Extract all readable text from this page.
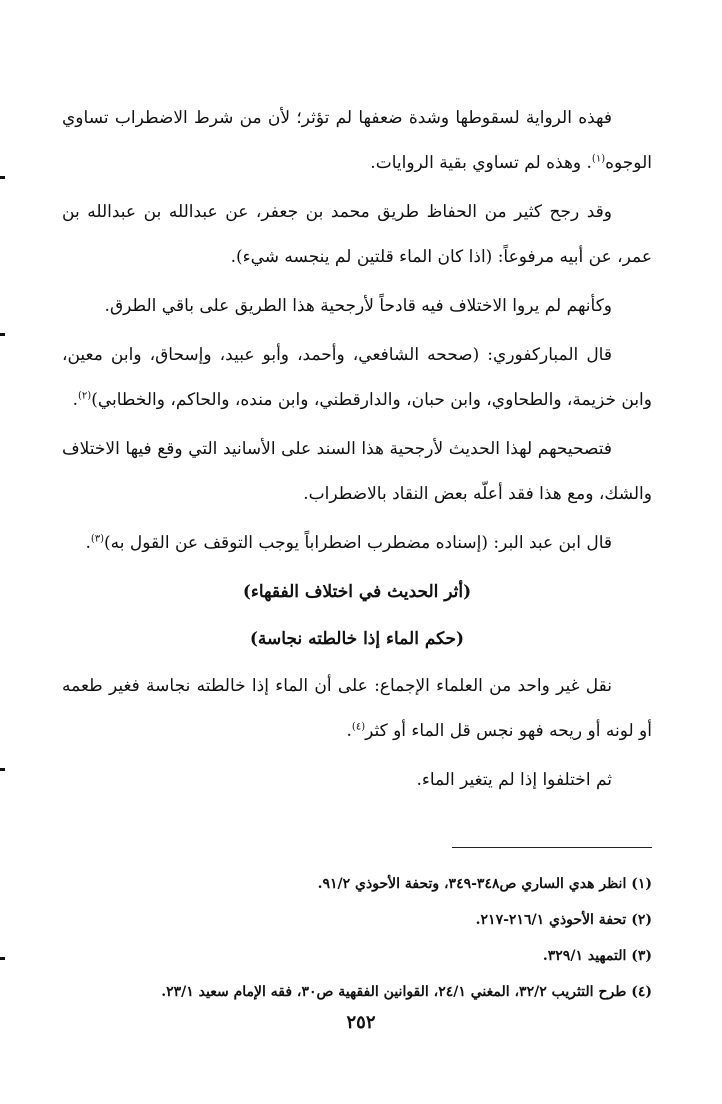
فهذه الرواية لسقوطها وشدة ضعفها لم تؤثر؛ لأن من شرط الاضطراب تساوي الوجوه$^{(١)}$. وهذه لم تساوي بقية الروايات.

وقد رجح كثير من الحفاظ طريق محمد بن جعفر، عن عبدالله بن عبدالله بن عمر، عن أبيه مرفوعاً: (اذا كان الماء قلتين لم ينجسه شيء).

وكأنهم لم يروا الاختلاف فيه قادحاً لأرجحية هذا الطريق على باقي الطرق.

قال المباركفوري: (صححه الشافعي، وأحمد، وأبو عبيد، وإسحاق، وابن معين، وابن خزيمة، والطحاوي، وابن حبان، والدارقطني، وابن منده، والحاكم، والخطابي)$^{(٢)}$.

فتصحيحهم لهذا الحديث لأرجحية هذا السند على الأسانيد التي وقع فيها الاختلاف والشك، ومع هذا فقد أعلّه بعض النقاد بالاضطراب.

قال ابن عبد البر: (إسناده مضطرب اضطراباً يوجب التوقف عن القول به)$^{(٣)}$.

(أثر الحديث في اختلاف الفقهاء)
(حكم الماء إذا خالطته نجاسة)

نقل غير واحد من العلماء الإجماع: على أن الماء إذا خالطته نجاسة فغير طعمه أو لونه أو ريحه فهو نجس قل الماء أو كثر$^{(٤)}$.

ثم اختلفوا إذا لم يتغير الماء.

(١) انظر هدي الساري ص٣٤٨-٣٤٩، وتحفة الأحوذي ٩١/٢.

(٢) تحفة الأحوذي ٢١٦/١-٢١٧.

(٣) التمهيد ٣٢٩/١.

(٤) طرح التثريب ٣٢/٢، المغني ٢٤/١، القوانين الفقهية ص٣٠، فقه الإمام سعيد ٢٣/١.

٢٥٢
